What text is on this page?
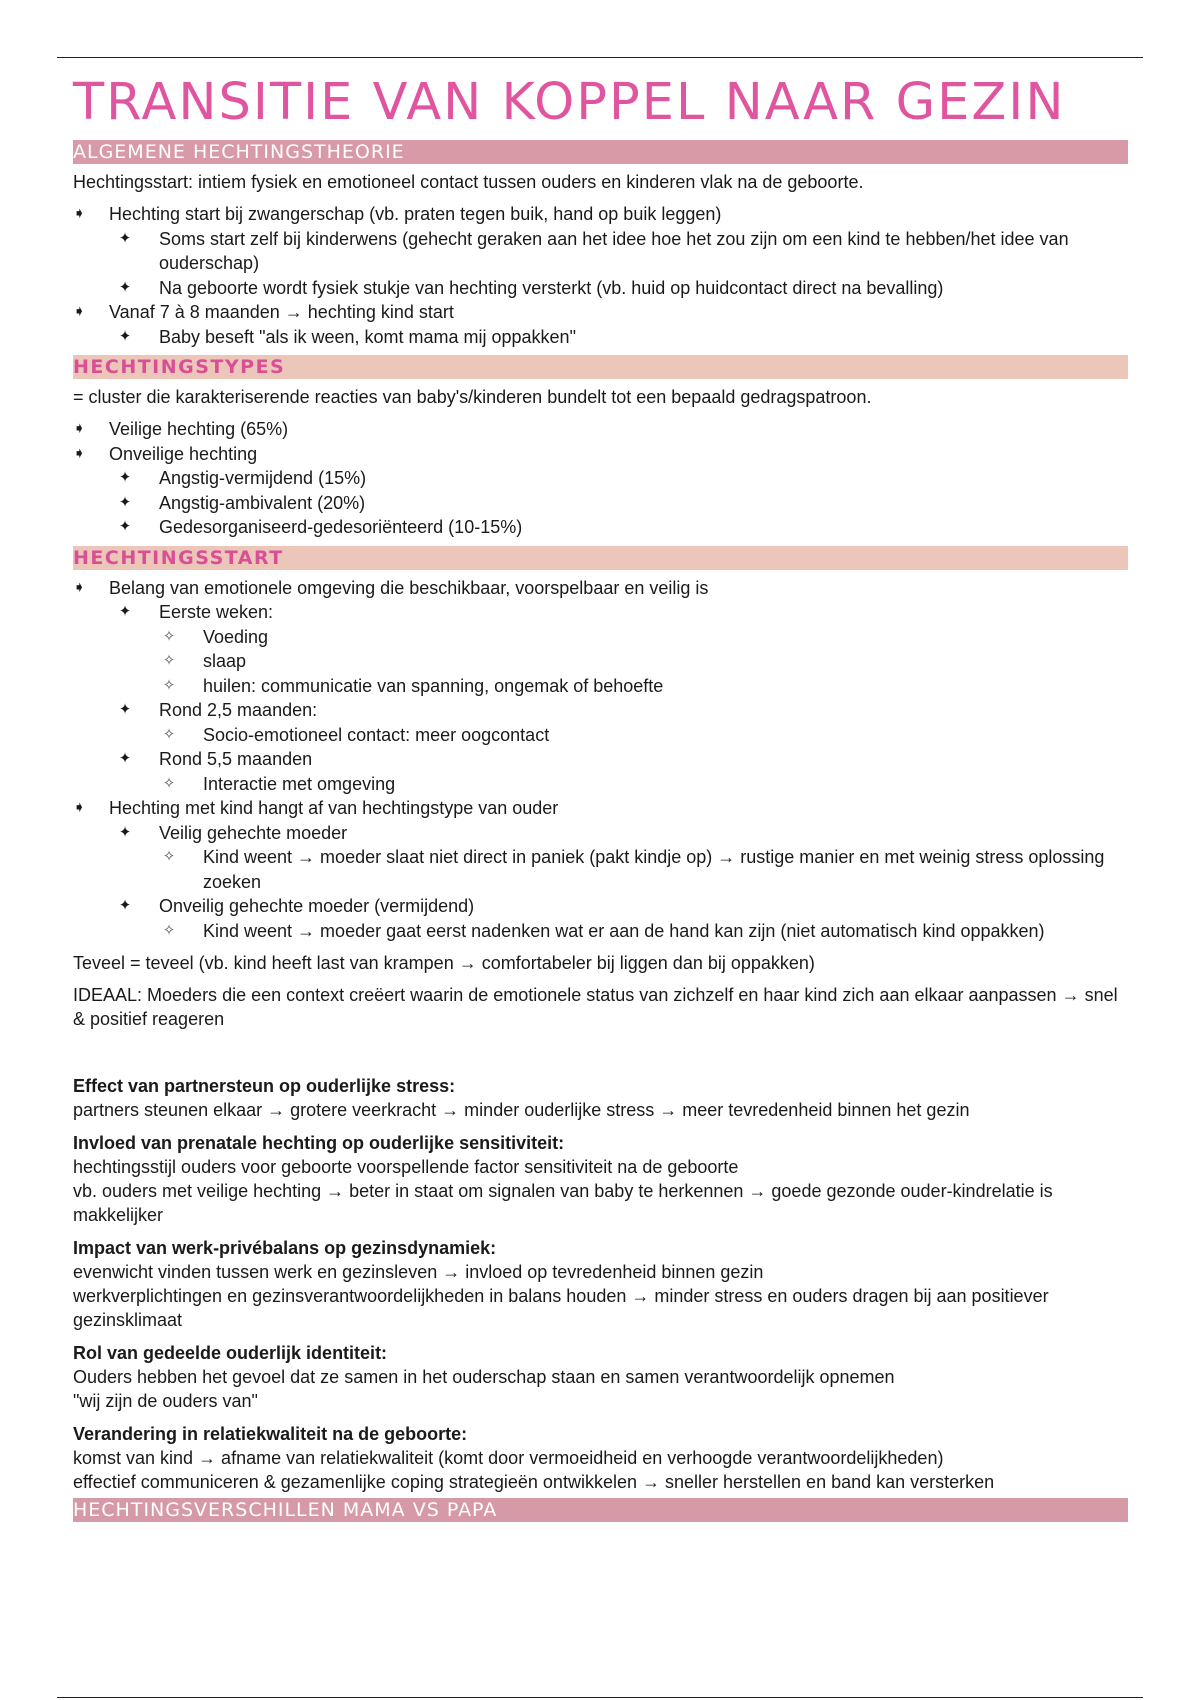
TRANSITIE VAN KOPPEL NAAR GEZIN
ALGEMENE HECHTINGSTHEORIE

Hechtingsstart: intiem fysiek en emotioneel contact tussen ouders en kinderen vlak na de geboorte.

➧ Hechting start bij zwangerschap (vb. praten tegen buik, hand op buik leggen)
✦ Soms start zelf bij kinderwens (gehecht geraken aan het idee hoe het zou zijn om een kind te hebben/het idee van ouderschap)
✦ Na geboorte wordt fysiek stukje van hechting versterkt (vb. huid op huidcontact direct na bevalling)
➧ Vanaf 7 à 8 maanden → hechting kind start
✦ Baby beseft "als ik ween, komt mama mij oppakken"
HECHTINGSTYPES

= cluster die karakteriserende reacties van baby's/kinderen bundelt tot een bepaald gedragspatroon.

➧ Veilige hechting (65%)
➧ Onveilige hechting
✦ Angstig-vermijdend (15%)
✦ Angstig-ambivalent (20%)
✦ Gedesorganiseerd-gedesoriënteerd (10-15%)
HECHTINGSSTART
➧ Belang van emotionele omgeving die beschikbaar, voorspelbaar en veilig is
✦ Eerste weken:
✧ Voeding
✧ slaap
✧ huilen: communicatie van spanning, ongemak of behoefte
✦ Rond 2,5 maanden:
✧ Socio-emotioneel contact: meer oogcontact
✦ Rond 5,5 maanden
✧ Interactie met omgeving
➧ Hechting met kind hangt af van hechtingstype van ouder
✦ Veilig gehechte moeder
✧ Kind weent → moeder slaat niet direct in paniek (pakt kindje op) → rustige manier en met weinig stress oplossing zoeken
✦ Onveilig gehechte moeder (vermijdend)
✧ Kind weent → moeder gaat eerst nadenken wat er aan de hand kan zijn (niet automatisch kind oppakken)

Teveel = teveel (vb. kind heeft last van krampen → comfortabeler bij liggen dan bij oppakken)

IDEAAL: Moeders die een context creëert waarin de emotionele status van zichzelf en haar kind zich aan elkaar aanpassen → snel & positief reageren

Effect van partnersteun op ouderlijke stress:

partners steunen elkaar → grotere veerkracht → minder ouderlijke stress → meer tevredenheid binnen het gezin

Invloed van prenatale hechting op ouderlijke sensitiviteit:

hechtingsstijl ouders voor geboorte voorspellende factor sensitiviteit na de geboorte

vb. ouders met veilige hechting → beter in staat om signalen van baby te herkennen → goede gezonde ouder-kindrelatie is makkelijker

Impact van werk-privébalans op gezinsdynamiek:

evenwicht vinden tussen werk en gezinsleven → invloed op tevredenheid binnen gezin

werkverplichtingen en gezinsverantwoordelijkheden in balans houden → minder stress en ouders dragen bij aan positiever gezinsklimaat

Rol van gedeelde ouderlijk identiteit:

Ouders hebben het gevoel dat ze samen in het ouderschap staan en samen verantwoordelijk opnemen

"wij zijn de ouders van"

Verandering in relatiekwaliteit na de geboorte:

komst van kind → afname van relatiekwaliteit (komt door vermoeidheid en verhoogde verantwoordelijkheden)

effectief communiceren & gezamenlijke coping strategieën ontwikkelen → sneller herstellen en band kan versterken

HECHTINGSVERSCHILLEN MAMA VS PAPA
